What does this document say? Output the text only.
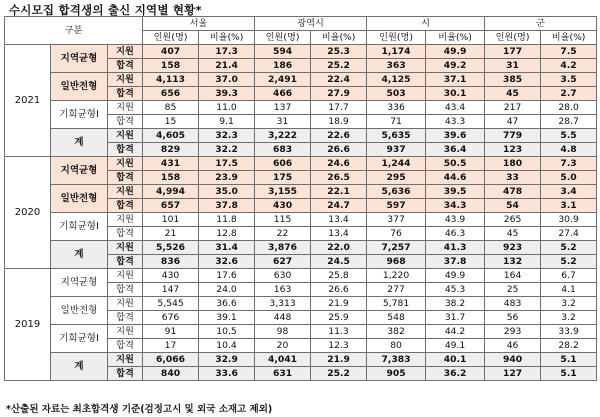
수시모집 합격생의 출신 지역별 현황*
구분			서울		광역시		시		군	
			인원(명)	비율(%)	인원(명)	비율(%)	인원(명)	비율(%)	인원(명)	비율(%)
2021	지역균형	지원	407	17.3	594	25.3	1,174	49.9	177	7.5
		합격	158	21.4	186	25.2	363	49.2	31	4.2
	일반전형	지원	4,113	37.0	2,491	22.4	4,125	37.1	385	3.5
		합격	656	39.3	466	27.9	503	30.1	45	2.7
	기회균형I	지원	85	11.0	137	17.7	336	43.4	217	28.0
		합격	15	9.1	31	18.9	71	43.3	47	28.7
	계	지원	4,605	32.3	3,222	22.6	5,635	39.6	779	5.5
		합격	829	32.2	683	26.6	937	36.4	123	4.8
2020	지역균형	지원	431	17.5	606	24.6	1,244	50.5	180	7.3
		합격	158	23.9	175	26.5	295	44.6	33	5.0
	일반전형	지원	4,994	35.0	3,155	22.1	5,636	39.5	478	3.4
		합격	657	37.8	430	24.7	597	34.3	54	3.1
	기회균형I	지원	101	11.8	115	13.4	377	43.9	265	30.9
		합격	21	12.8	22	13.4	76	46.3	45	27.4
	계	지원	5,526	31.4	3,876	22.0	7,257	41.3	923	5.2
		합격	836	32.6	627	24.5	968	37.8	132	5.2
2019	지역균형	지원	430	17.6	630	25.8	1,220	49.9	164	6.7
		합격	147	24.0	163	26.6	277	45.3	25	4.1
	일반전형	지원	5,545	36.6	3,313	21.9	5,781	38.2	483	3.2
		합격	676	39.1	448	25.9	548	31.7	56	3.2
	기회균형I	지원	91	10.5	98	11.3	382	44.2	293	33.9
		합격	17	10.4	20	12.3	80	49.1	46	28.2
	계	지원	6,066	32.9	4,041	21.9	7,383	40.1	940	5.1
		합격	840	33.6	631	25.2	905	36.2	127	5.1
*산출된 자료는 최초합격생 기준(검정고시 및 외국 소재고 제외)
